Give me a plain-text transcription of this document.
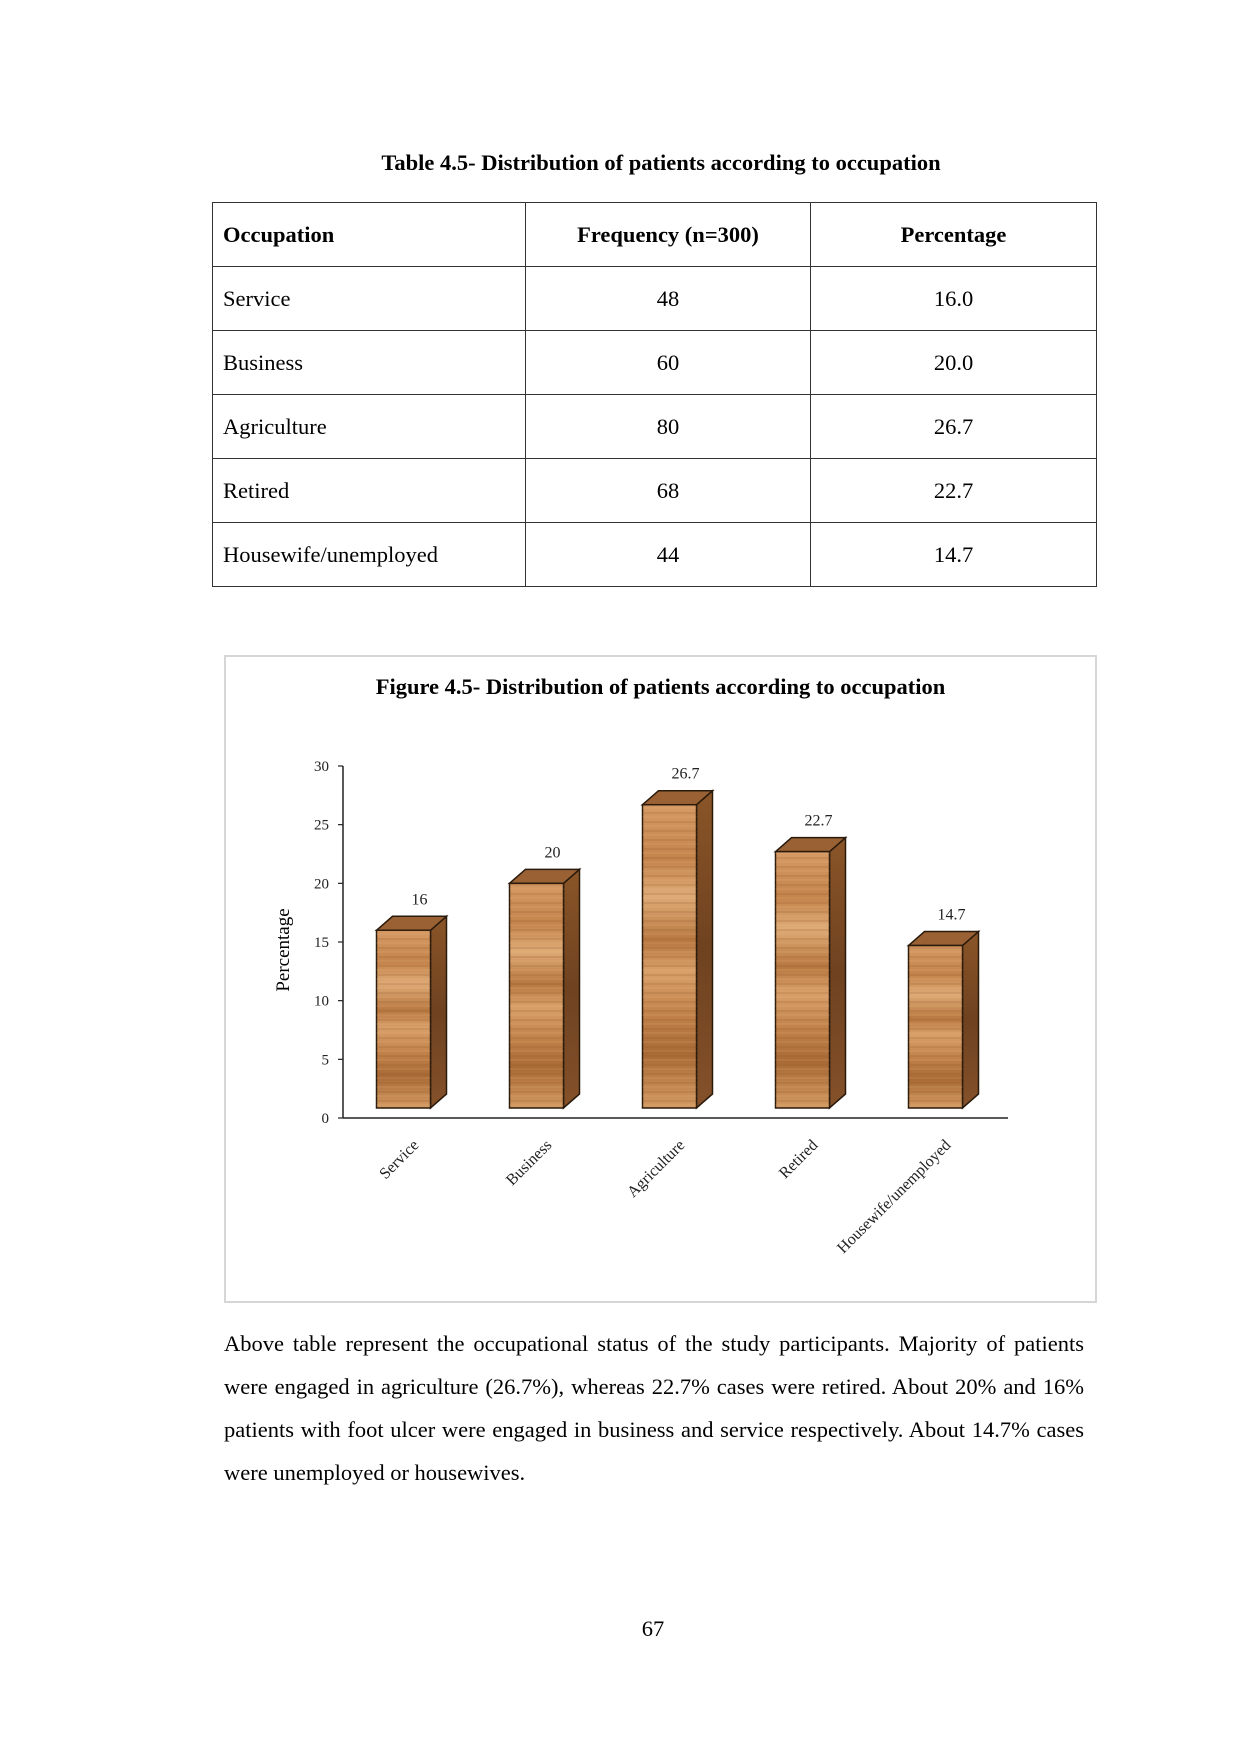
Table 4.5- Distribution of patients according to occupation
Occupation	Frequency (n=300)	Percentage
Service	48	16.0
Business	60	20.0
Agriculture	80	26.7
Retired	68	22.7
Housewife/unemployed	44	14.7
Figure 4.5- Distribution of patients according to occupation
0
5
10
15
20
25
30
Percentage
16
Service
20
Business
26.7
Agriculture
22.7
Retired
14.7
Housewife/unemployed

Above table represent the occupational status of the study participants. Majority of patients were engaged in agriculture (26.7%), whereas 22.7% cases were retired. About 20% and 16% patients with foot ulcer were engaged in business and service respectively. About 14.7% cases were unemployed or housewives.

67
